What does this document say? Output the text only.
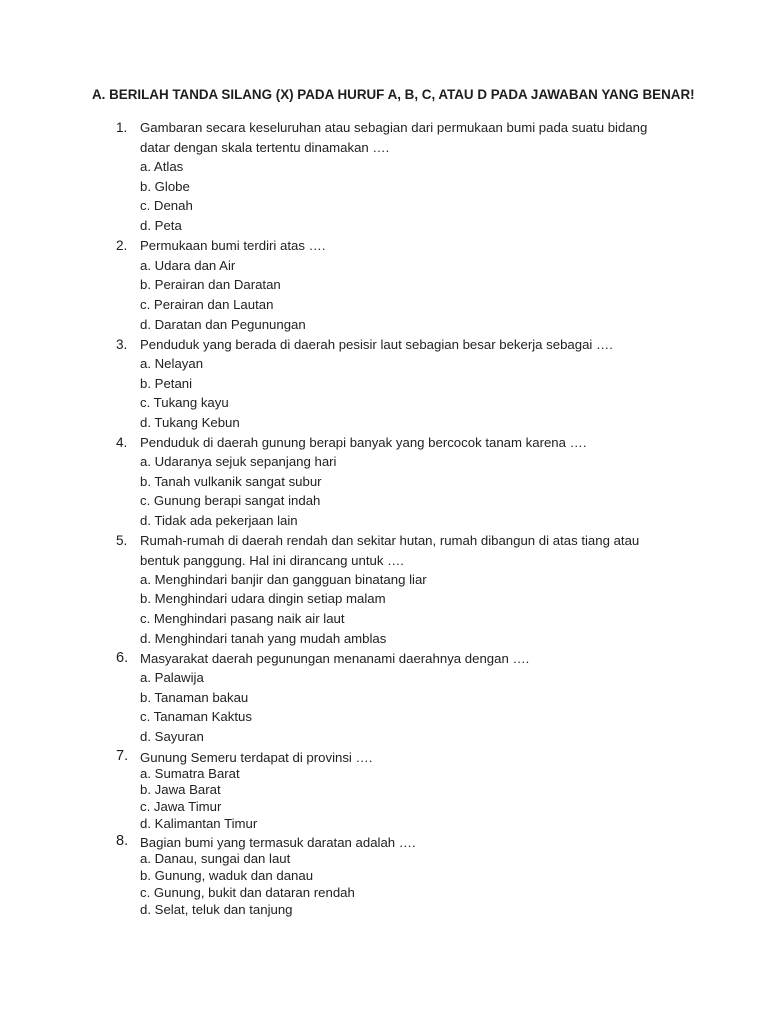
A. BERILAH TANDA SILANG (X) PADA HURUF A, B, C, ATAU D PADA JAWABAN YANG BENAR!
1. Gambaran secara keseluruhan atau sebagian dari permukaan bumi pada suatu bidang datar dengan skala tertentu dinamakan ….
a. Atlas
b. Globe
c. Denah
d. Peta
2. Permukaan bumi terdiri atas ….
a. Udara dan Air
b. Perairan dan Daratan
c. Perairan dan Lautan
d. Daratan dan Pegunungan
3. Penduduk yang berada di daerah pesisir laut sebagian besar bekerja sebagai ….
a. Nelayan
b. Petani
c. Tukang kayu
d. Tukang Kebun
4. Penduduk di daerah gunung berapi banyak yang bercocok tanam karena ….
a. Udaranya sejuk sepanjang hari
b. Tanah vulkanik sangat subur
c. Gunung berapi sangat indah
d. Tidak ada pekerjaan lain
5. Rumah-rumah di daerah rendah dan sekitar hutan, rumah dibangun di atas tiang atau bentuk panggung. Hal ini dirancang untuk ….
a. Menghindari banjir dan gangguan binatang liar
b. Menghindari udara dingin setiap malam
c. Menghindari pasang naik air laut
d. Menghindari tanah yang mudah amblas
6. Masyarakat daerah pegunungan menanami daerahnya dengan ….
a. Palawija
b. Tanaman bakau
c. Tanaman Kaktus
d. Sayuran
7. Gunung Semeru terdapat di provinsi ….
a. Sumatra Barat
b. Jawa Barat
c. Jawa Timur
d. Kalimantan Timur
8. Bagian bumi yang termasuk daratan adalah ….
a. Danau, sungai dan laut
b. Gunung, waduk dan danau
c. Gunung, bukit dan dataran rendah
d. Selat, teluk dan tanjung
